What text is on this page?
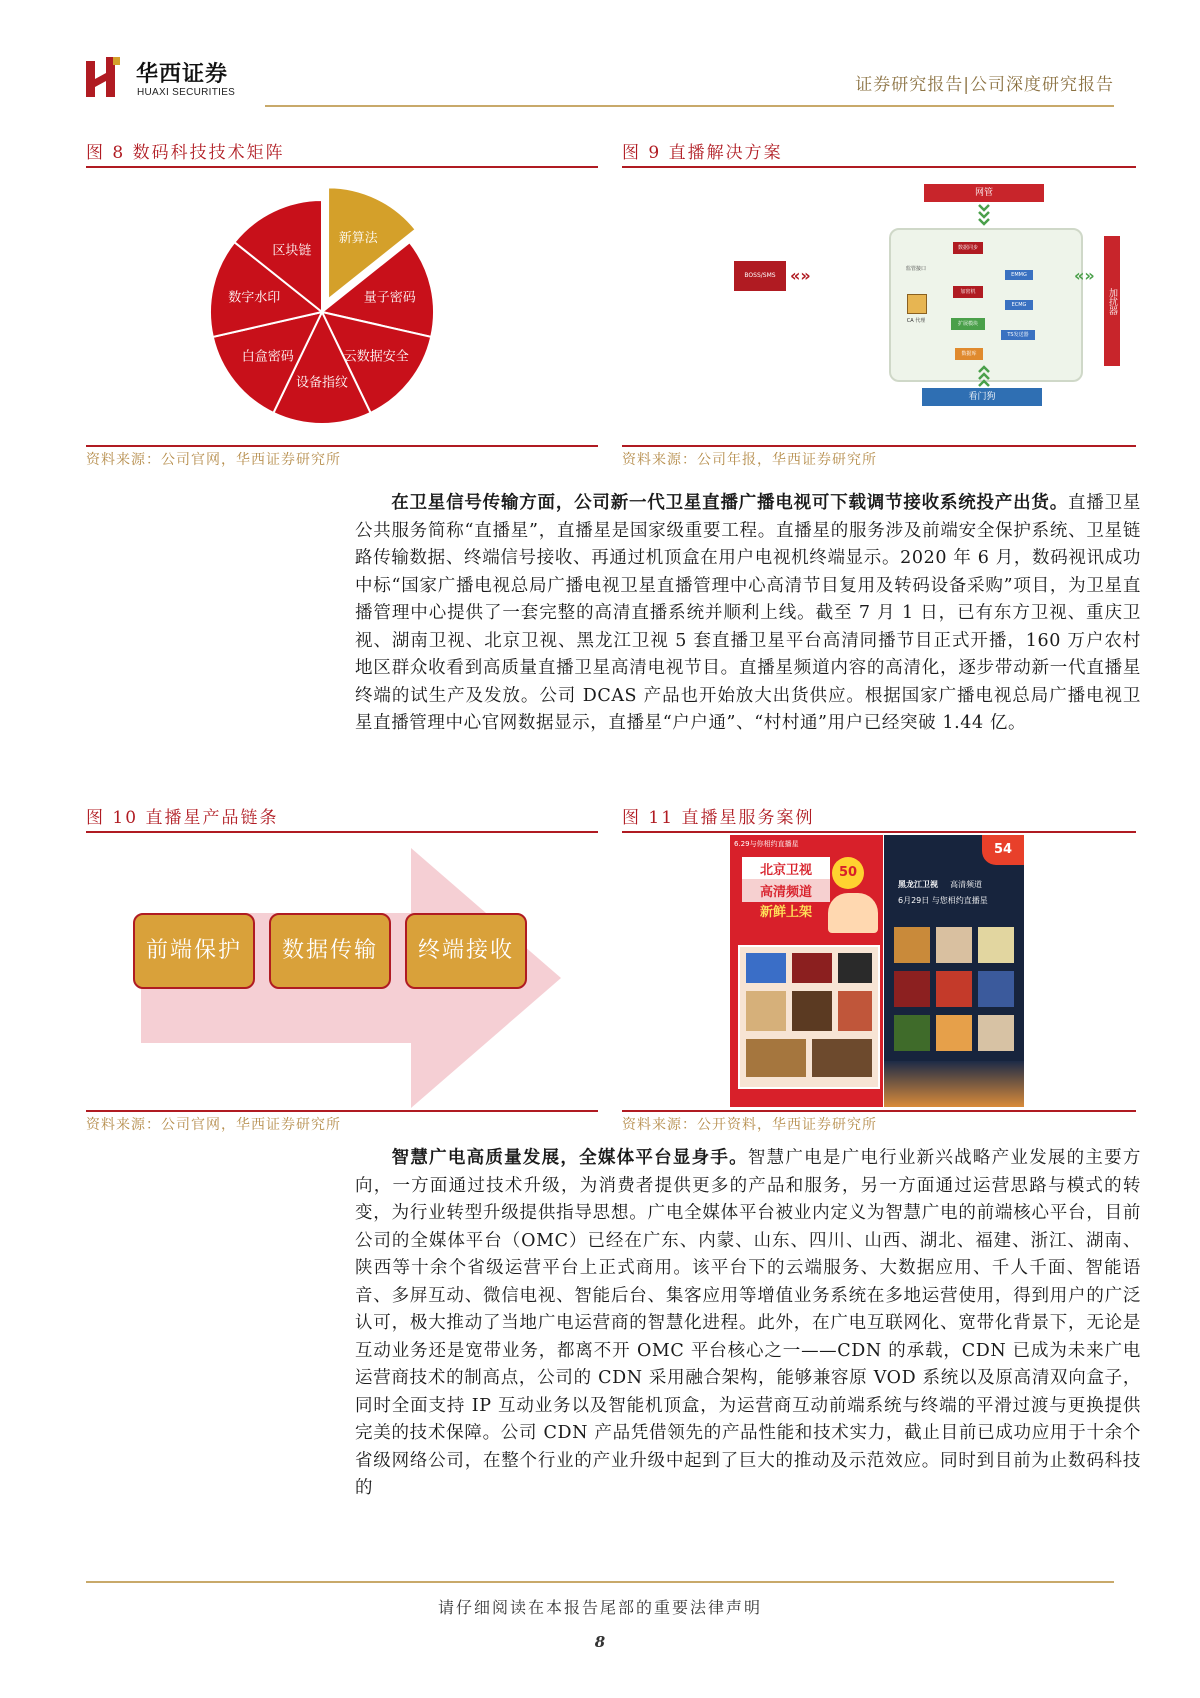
华西证券
HUAXI SECURITIES	证券研究报告|公司深度研究报告
图 8 数码科技技术矩阵
新算法
量子密码
云数据安全
设备指纹
白盒密码
数字水印
区块链
资料来源：公司官网，华西证券研究所
图 9 直播解决方案
网管
数据同步
监管接口
加密机
CA 代理	扩展模块
数据库
EMMG
ECMG
TS发送器
BOSS/SMS «»	«»
加扰器
看门狗
资料来源：公司年报，华西证券研究所
在卫星信号传输方面，公司新一代卫星直播广播电视可下载调节接收系统投产出货。直播卫星公共服务简称“直播星”，直播星是国家级重要工程。直播星的服务涉及前端安全保护系统、卫星链路传输数据、终端信号接收、再通过机顶盒在用户电视机终端显示。2020 年 6 月，数码视讯成功中标“国家广播电视总局广播电视卫星直播管理中心高清节目复用及转码设备采购”项目，为卫星直播管理中心提供了一套完整的高清直播系统并顺利上线。截至 7 月 1 日，已有东方卫视、重庆卫视、湖南卫视、北京卫视、黑龙江卫视 5 套直播卫星平台高清同播节目正式开播，160 万户农村地区群众收看到高质量直播卫星高清电视节目。直播星频道内容的高清化，逐步带动新一代直播星终端的试生产及发放。公司 DCAS 产品也开始放大出货供应。根据国家广播电视总局广播电视卫星直播管理中心官网数据显示，直播星“户户通”、“村村通”用户已经突破 1.44 亿。
图 10 直播星产品链条
前端保护	数据传输	终端接收
资料来源：公司官网，华西证券研究所
图 11 直播星服务案例
6.29与你相约直播星
北京卫视
高清频道
新鲜上架
50
54
黑龙江卫视 高清频道
6月29日 与您相约直播星
资料来源：公开资料，华西证券研究所
智慧广电高质量发展，全媒体平台显身手。智慧广电是广电行业新兴战略产业发展的主要方向，一方面通过技术升级，为消费者提供更多的产品和服务，另一方面通过运营思路与模式的转变，为行业转型升级提供指导思想。广电全媒体平台被业内定义为智慧广电的前端核心平台，目前公司的全媒体平台（OMC）已经在广东、内蒙、山东、四川、山西、湖北、福建、浙江、湖南、陕西等十余个省级运营平台上正式商用。该平台下的云端服务、大数据应用、千人千面、智能语音、多屏互动、微信电视、智能后台、集客应用等增值业务系统在多地运营使用，得到用户的广泛认可，极大推动了当地广电运营商的智慧化进程。此外，在广电互联网化、宽带化背景下，无论是互动业务还是宽带业务，都离不开 OMC 平台核心之一——CDN 的承载，CDN 已成为未来广电运营商技术的制高点，公司的 CDN 采用融合架构，能够兼容原 VOD 系统以及原高清双向盒子，同时全面支持 IP 互动业务以及智能机顶盒，为运营商互动前端系统与终端的平滑过渡与更换提供完美的技术保障。公司 CDN 产品凭借领先的产品性能和技术实力，截止目前已成功应用于十余个省级网络公司，在整个行业的产业升级中起到了巨大的推动及示范效应。同时到目前为止数码科技的
请仔细阅读在本报告尾部的重要法律声明
8
